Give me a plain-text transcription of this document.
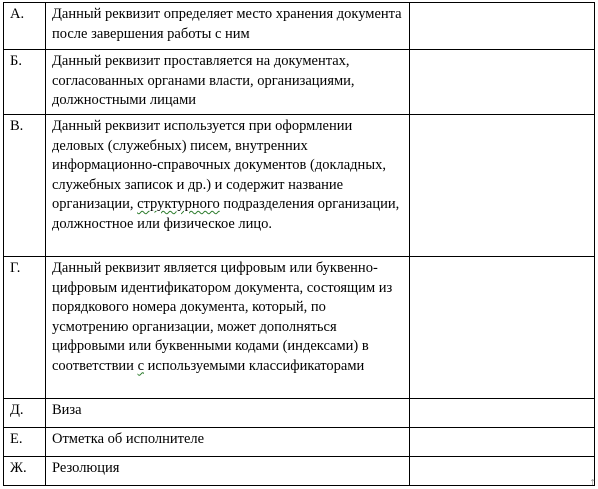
А.	Данный реквизит определяет место хранения документа после завершения работы с ним	
Б.	Данный реквизит проставляется на документах, согласованных органами власти, организациями, должностными лицами	
В.	Данный реквизит используется при оформлении деловых (служебных) писем, внутренних информационно-справочных документов (докладных, служебных записок и др.) и содержит название организации, структурного подразделения организации, должностное или физическое лицо.	
Г.	Данный реквизит является цифровым или буквенно-цифровым идентификатором документа, состоящим из порядкового номера документа, который, по усмотрению организации, может дополняться цифровыми или буквенными кодами (индексами) в соответствии с используемыми классификаторами	
Д.	Виза	
Е.	Отметка об исполнителе	
Ж.	Резолюция	
↑
